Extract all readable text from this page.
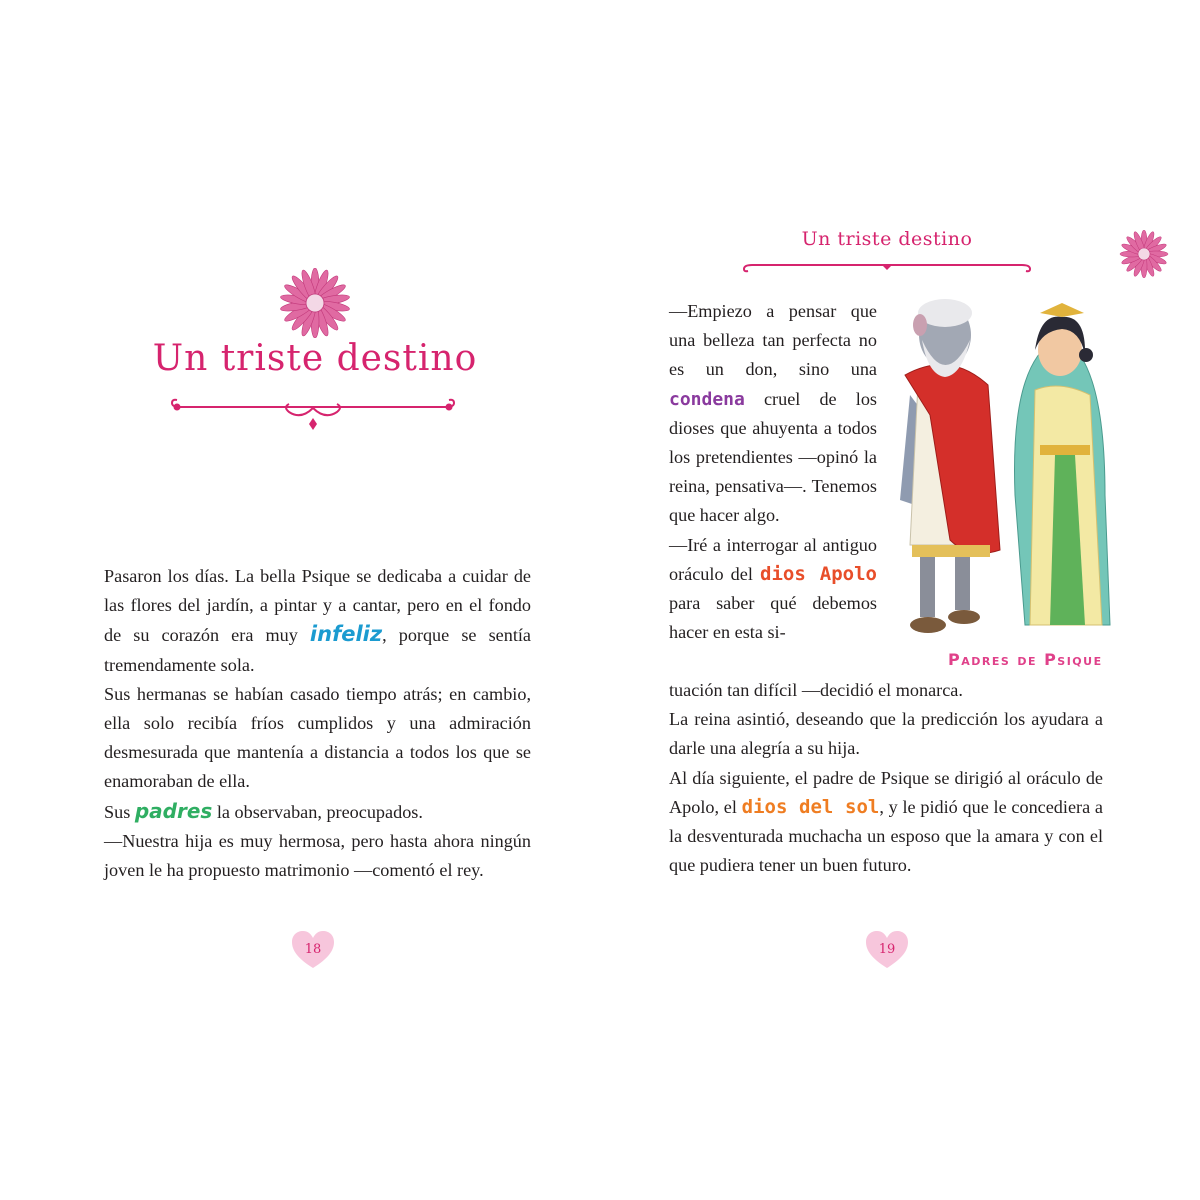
Un triste destino

Pasaron los días. La bella Psique se dedicaba a cuidar de las flores del jardín, a pintar y a cantar, pero en el fondo de su corazón era muy infeliz, porque se sentía tremendamente sola.

Sus hermanas se habían casado tiempo atrás; en cambio, ella solo recibía fríos cumplidos y una admiración desmesurada que mantenía a distancia a todos los que se enamoraban de ella.

Sus padres la observaban, preocupados.

—Nuestra hija es muy hermosa, pero hasta ahora ningún joven le ha propuesto matrimonio —comentó el rey.

18
Un triste destino

—Empiezo a pensar que una belleza tan perfecta no es un don, sino una condena cruel de los dioses que ahuyenta a todos los pretendientes —opinó la reina, pensativa—. Tenemos que hacer algo.

—Iré a interrogar al antiguo oráculo del dios Apolo para saber qué debemos hacer en esta si-

Padres de Psique

tuación tan difícil —decidió el monarca.

La reina asintió, deseando que la predicción los ayudara a darle una alegría a su hija.

Al día siguiente, el padre de Psique se dirigió al oráculo de Apolo, el dios del sol, y le pidió que le concediera a la desventurada muchacha un esposo que la amara y con el que pudiera tener un buen futuro.

19
